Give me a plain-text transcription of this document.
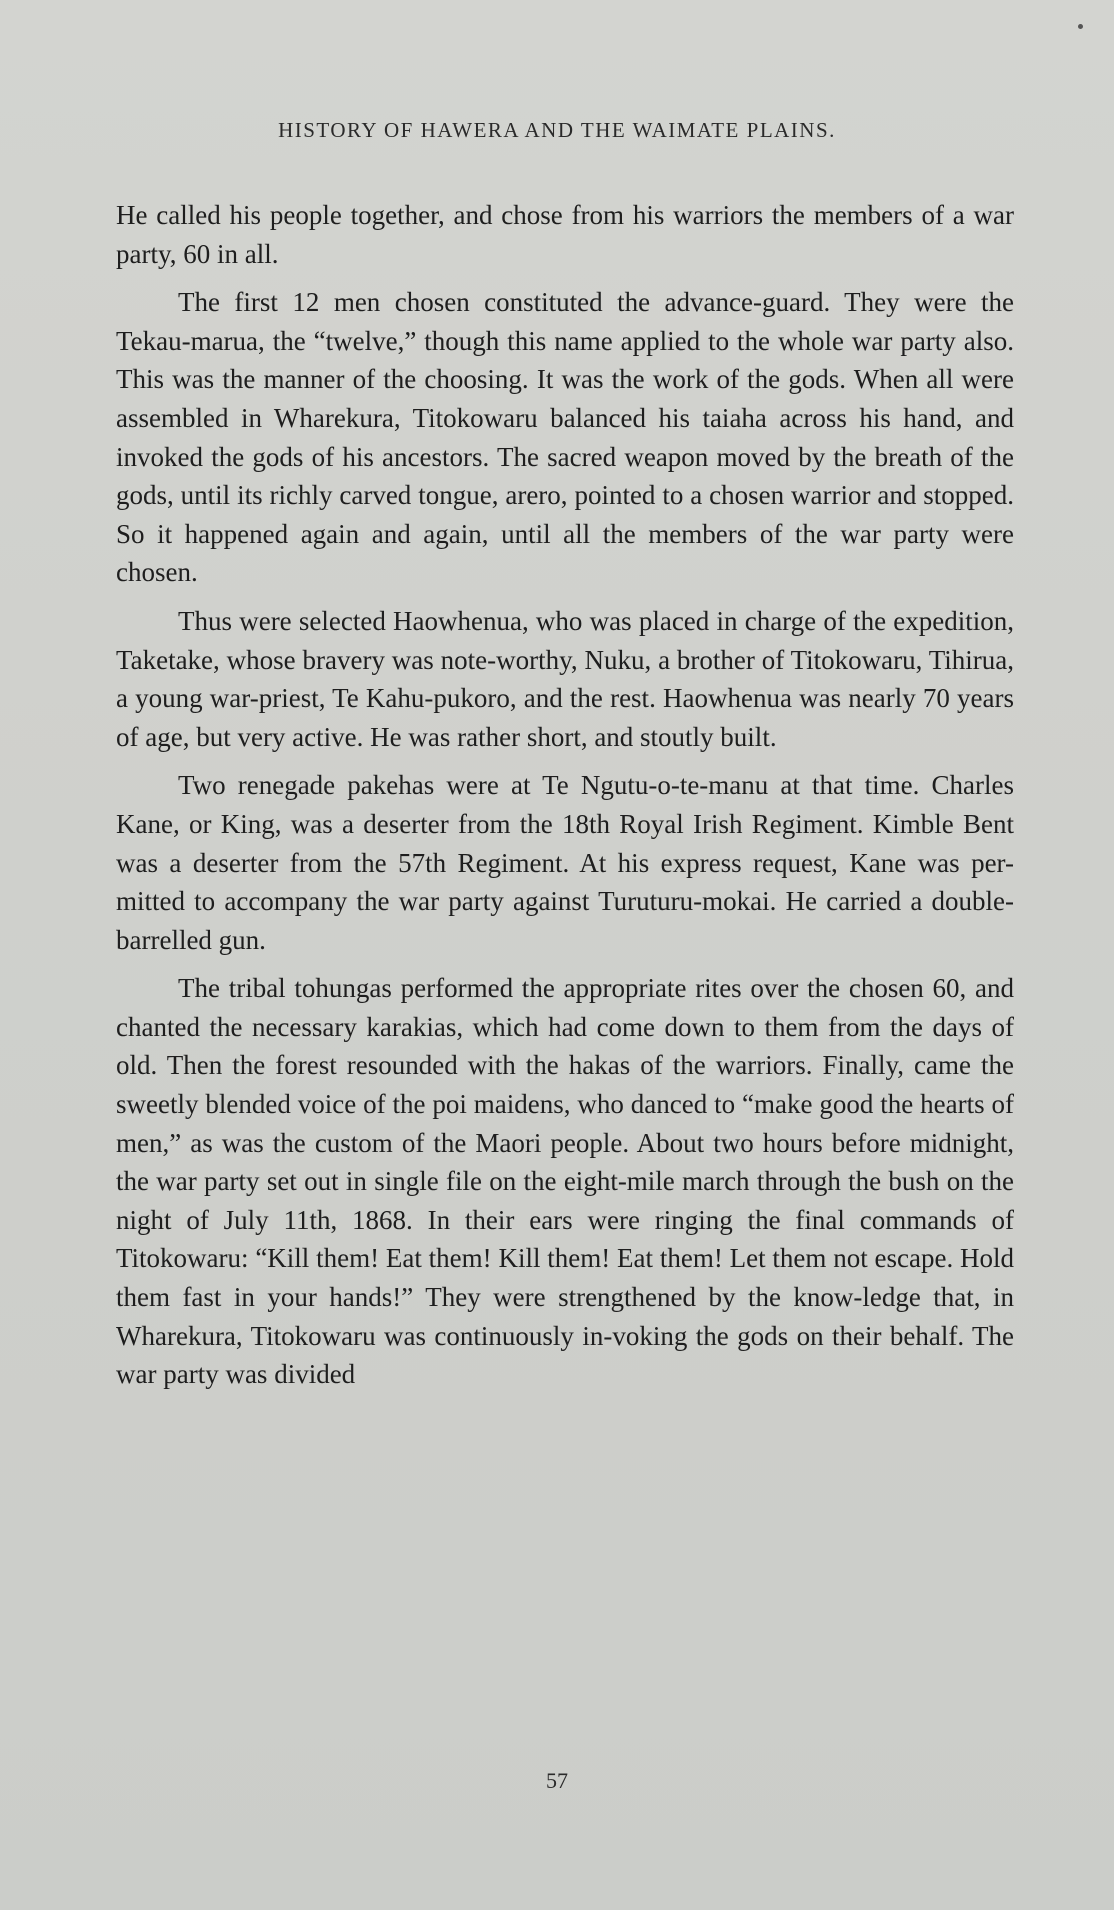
HISTORY OF HAWERA AND THE WAIMATE PLAINS.

He called his people together, and chose from his warriors the members of a war party, 60 in all.

The first 12 men chosen constituted the advance-guard. They were the Tekau-marua, the “twelve,” though this name applied to the whole war party also. This was the manner of the choosing. It was the work of the gods. When all were assembled in Wharekura, Titokowaru balanced his taiaha across his hand, and invoked the gods of his ancestors. The sacred weapon moved by the breath of the gods, until its richly carved tongue, arero, pointed to a chosen warrior and stopped. So it happened again and again, until all the members of the war party were chosen.

Thus were selected Haowhenua, who was placed in charge of the expedition, Taketake, whose bravery was note-worthy, Nuku, a brother of Titokowaru, Tihirua, a young war-priest, Te Kahu-pukoro, and the rest. Haowhenua was nearly 70 years of age, but very active. He was rather short, and stoutly built.

Two renegade pakehas were at Te Ngutu-o-te-manu at that time. Charles Kane, or King, was a deserter from the 18th Royal Irish Regiment. Kimble Bent was a deserter from the 57th Regiment. At his express request, Kane was per-mitted to accompany the war party against Turuturu-mokai. He carried a double-barrelled gun.

The tribal tohungas performed the appropriate rites over the chosen 60, and chanted the necessary karakias, which had come down to them from the days of old. Then the forest resounded with the hakas of the warriors. Finally, came the sweetly blended voice of the poi maidens, who danced to “make good the hearts of men,” as was the custom of the Maori people. About two hours before midnight, the war party set out in single file on the eight-mile march through the bush on the night of July 11th, 1868. In their ears were ringing the final commands of Titokowaru: “Kill them! Eat them! Kill them! Eat them! Let them not escape. Hold them fast in your hands!” They were strengthened by the know-ledge that, in Wharekura, Titokowaru was continuously in-voking the gods on their behalf. The war party was divided

57
